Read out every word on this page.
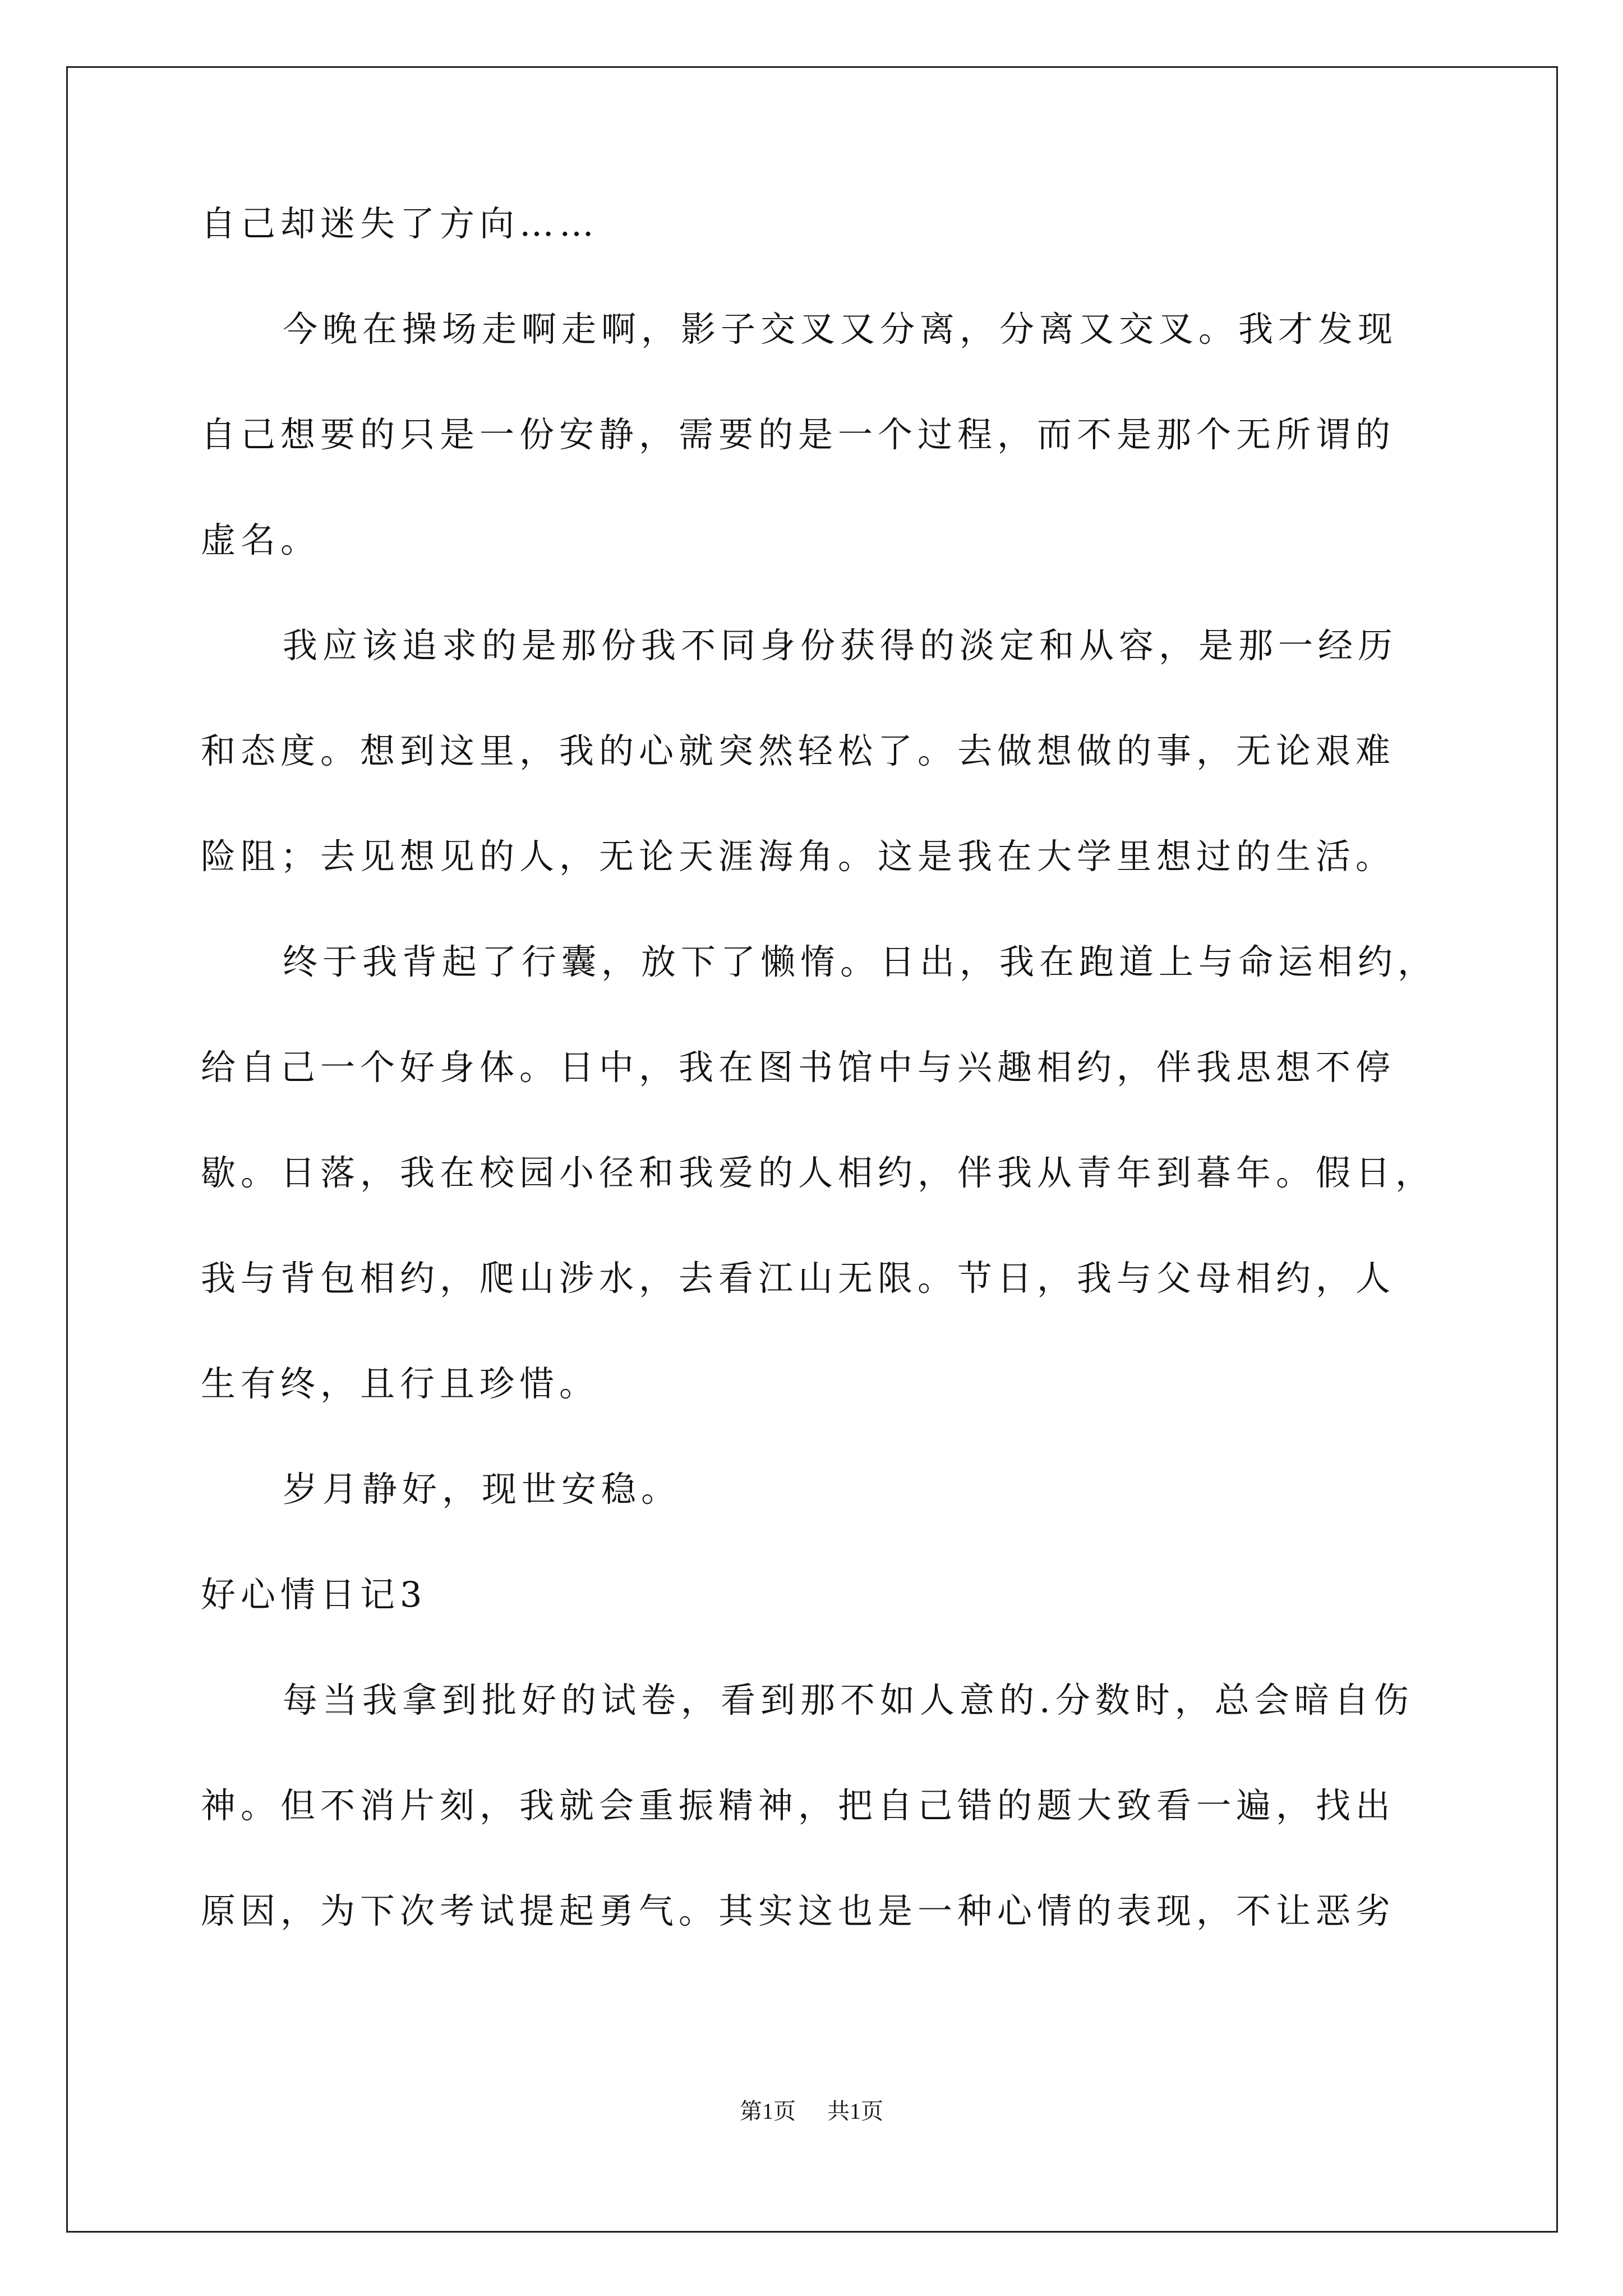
自己却迷失了方向……
今晚在操场走啊走啊，影子交叉又分离，分离又交叉。我才发现
自己想要的只是一份安静，需要的是一个过程，而不是那个无所谓的
虚名。
我应该追求的是那份我不同身份获得的淡定和从容，是那一经历
和态度。想到这里，我的心就突然轻松了。去做想做的事，无论艰难
险阻；去见想见的人，无论天涯海角。这是我在大学里想过的生活。
终于我背起了行囊，放下了懒惰。日出，我在跑道上与命运相约，
给自己一个好身体。日中，我在图书馆中与兴趣相约，伴我思想不停
歇。日落，我在校园小径和我爱的人相约，伴我从青年到暮年。假日，
我与背包相约，爬山涉水，去看江山无限。节日，我与父母相约，人
生有终，且行且珍惜。
岁月静好，现世安稳。
好心情日记3
每当我拿到批好的试卷，看到那不如人意的.分数时，总会暗自伤
神。但不消片刻，我就会重振精神，把自己错的题大致看一遍，找出
原因，为下次考试提起勇气。其实这也是一种心情的表现，不让恶劣
第1页 共1页
